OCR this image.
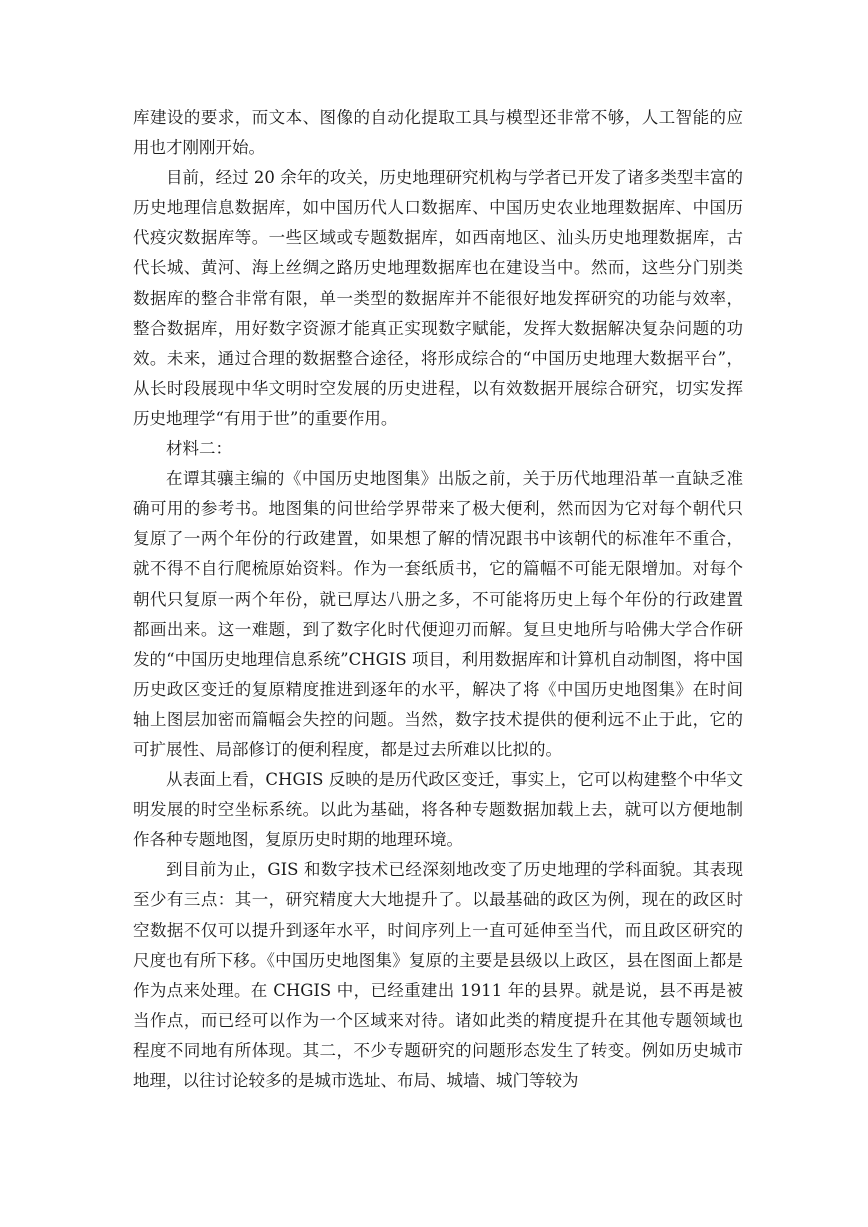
库建设的要求，而文本、图像的自动化提取工具与模型还非常不够，人工智能的应用也才刚刚开始。

目前，经过 20 余年的攻关，历史地理研究机构与学者已开发了诸多类型丰富的历史地理信息数据库，如中国历代人口数据库、中国历史农业地理数据库、中国历代疫灾数据库等。一些区域或专题数据库，如西南地区、汕头历史地理数据库，古代长城、黄河、海上丝绸之路历史地理数据库也在建设当中。然而，这些分门别类数据库的整合非常有限，单一类型的数据库并不能很好地发挥研究的功能与效率，整合数据库，用好数字资源才能真正实现数字赋能，发挥大数据解决复杂问题的功效。未来，通过合理的数据整合途径，将形成综合的“中国历史地理大数据平台”，从长时段展现中华文明时空发展的历史进程，以有效数据开展综合研究，切实发挥历史地理学“有用于世”的重要作用。

材料二：

在谭其骧主编的《中国历史地图集》出版之前，关于历代地理沿革一直缺乏准确可用的参考书。地图集的问世给学界带来了极大便利，然而因为它对每个朝代只复原了一两个年份的行政建置，如果想了解的情况跟书中该朝代的标准年不重合，就不得不自行爬梳原始资料。作为一套纸质书，它的篇幅不可能无限增加。对每个朝代只复原一两个年份，就已厚达八册之多，不可能将历史上每个年份的行政建置都画出来。这一难题，到了数字化时代便迎刃而解。复旦史地所与哈佛大学合作研发的“中国历史地理信息系统”CHGIS 项目，利用数据库和计算机自动制图，将中国历史政区变迁的复原精度推进到逐年的水平，解决了将《中国历史地图集》在时间轴上图层加密而篇幅会失控的问题。当然，数字技术提供的便利远不止于此，它的可扩展性、局部修订的便利程度，都是过去所难以比拟的。

从表面上看，CHGIS 反映的是历代政区变迁，事实上，它可以构建整个中华文明发展的时空坐标系统。以此为基础，将各种专题数据加载上去，就可以方便地制作各种专题地图，复原历史时期的地理环境。

到目前为止，GIS 和数字技术已经深刻地改变了历史地理的学科面貌。其表现至少有三点：其一，研究精度大大地提升了。以最基础的政区为例，现在的政区时空数据不仅可以提升到逐年水平，时间序列上一直可延伸至当代，而且政区研究的尺度也有所下移。《中国历史地图集》复原的主要是县级以上政区，县在图面上都是作为点来处理。在 CHGIS 中，已经重建出 1911 年的县界。就是说，县不再是被当作点，而已经可以作为一个区域来对待。诸如此类的精度提升在其他专题领域也程度不同地有所体现。其二，不少专题研究的问题形态发生了转变。例如历史城市地理，以往讨论较多的是城市选址、布局、城墙、城门等较为
